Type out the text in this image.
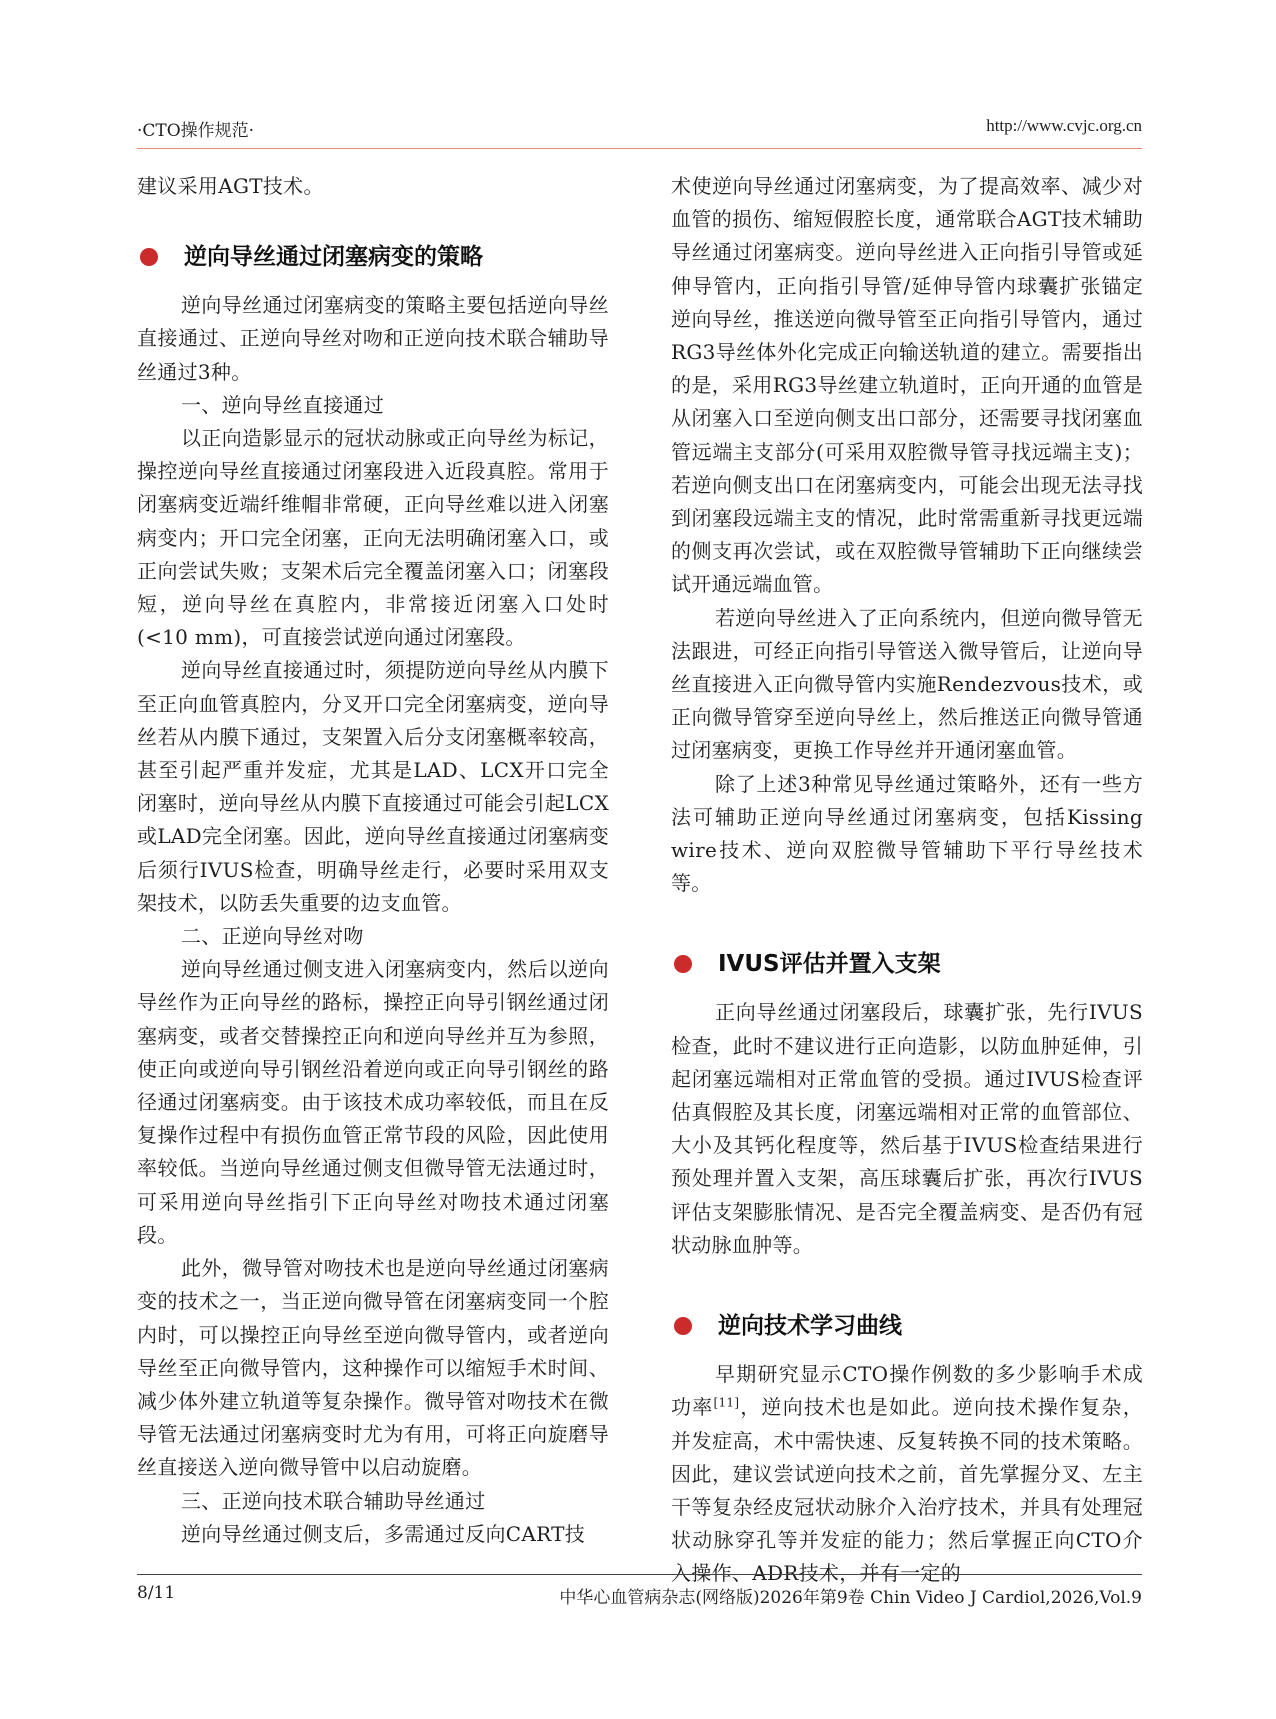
·CTO操作规范·	http://www.cvjc.org.cn

建议采用AGT技术。

逆向导丝通过闭塞病变的策略

逆向导丝通过闭塞病变的策略主要包括逆向导丝直接通过、正逆向导丝对吻和正逆向技术联合辅助导丝通过3种。

一、逆向导丝直接通过

以正向造影显示的冠状动脉或正向导丝为标记，操控逆向导丝直接通过闭塞段进入近段真腔。常用于闭塞病变近端纤维帽非常硬，正向导丝难以进入闭塞病变内；开口完全闭塞，正向无法明确闭塞入口，或正向尝试失败；支架术后完全覆盖闭塞入口；闭塞段短，逆向导丝在真腔内，非常接近闭塞入口处时(<10 mm)，可直接尝试逆向通过闭塞段。

逆向导丝直接通过时，须提防逆向导丝从内膜下至正向血管真腔内，分叉开口完全闭塞病变，逆向导丝若从内膜下通过，支架置入后分支闭塞概率较高，甚至引起严重并发症，尤其是LAD、LCX开口完全闭塞时，逆向导丝从内膜下直接通过可能会引起LCX或LAD完全闭塞。因此，逆向导丝直接通过闭塞病变后须行IVUS检查，明确导丝走行，必要时采用双支架技术，以防丢失重要的边支血管。

二、正逆向导丝对吻

逆向导丝通过侧支进入闭塞病变内，然后以逆向导丝作为正向导丝的路标，操控正向导引钢丝通过闭塞病变，或者交替操控正向和逆向导丝并互为参照，使正向或逆向导引钢丝沿着逆向或正向导引钢丝的路径通过闭塞病变。由于该技术成功率较低，而且在反复操作过程中有损伤血管正常节段的风险，因此使用率较低。当逆向导丝通过侧支但微导管无法通过时，可采用逆向导丝指引下正向导丝对吻技术通过闭塞段。

此外，微导管对吻技术也是逆向导丝通过闭塞病变的技术之一，当正逆向微导管在闭塞病变同一个腔内时，可以操控正向导丝至逆向微导管内，或者逆向导丝至正向微导管内，这种操作可以缩短手术时间、减少体外建立轨道等复杂操作。微导管对吻技术在微导管无法通过闭塞病变时尤为有用，可将正向旋磨导丝直接送入逆向微导管中以启动旋磨。

三、正逆向技术联合辅助导丝通过

逆向导丝通过侧支后，多需通过反向CART技

术使逆向导丝通过闭塞病变，为了提高效率、减少对血管的损伤、缩短假腔长度，通常联合AGT技术辅助导丝通过闭塞病变。逆向导丝进入正向指引导管或延伸导管内，正向指引导管/延伸导管内球囊扩张锚定逆向导丝，推送逆向微导管至正向指引导管内，通过RG3导丝体外化完成正向输送轨道的建立。需要指出的是，采用RG3导丝建立轨道时，正向开通的血管是从闭塞入口至逆向侧支出口部分，还需要寻找闭塞血管远端主支部分(可采用双腔微导管寻找远端主支)；若逆向侧支出口在闭塞病变内，可能会出现无法寻找到闭塞段远端主支的情况，此时常需重新寻找更远端的侧支再次尝试，或在双腔微导管辅助下正向继续尝试开通远端血管。

若逆向导丝进入了正向系统内，但逆向微导管无法跟进，可经正向指引导管送入微导管后，让逆向导丝直接进入正向微导管内实施Rendezvous技术，或正向微导管穿至逆向导丝上，然后推送正向微导管通过闭塞病变，更换工作导丝并开通闭塞血管。

除了上述3种常见导丝通过策略外，还有一些方法可辅助正逆向导丝通过闭塞病变，包括Kissing wire技术、逆向双腔微导管辅助下平行导丝技术等。

IVUS评估并置入支架

正向导丝通过闭塞段后，球囊扩张，先行IVUS检查，此时不建议进行正向造影，以防血肿延伸，引起闭塞远端相对正常血管的受损。通过IVUS检查评估真假腔及其长度，闭塞远端相对正常的血管部位、大小及其钙化程度等，然后基于IVUS检查结果进行预处理并置入支架，高压球囊后扩张，再次行IVUS评估支架膨胀情况、是否完全覆盖病变、是否仍有冠状动脉血肿等。

逆向技术学习曲线

早期研究显示CTO操作例数的多少影响手术成功率[11]，逆向技术也是如此。逆向技术操作复杂，并发症高，术中需快速、反复转换不同的技术策略。因此，建议尝试逆向技术之前，首先掌握分叉、左主干等复杂经皮冠状动脉介入治疗技术，并具有处理冠状动脉穿孔等并发症的能力；然后掌握正向CTO介入操作、ADR技术，并有一定的

8/11	中华心血管病杂志(网络版)2026年第9卷 Chin Video J Cardiol,2026,Vol.9
